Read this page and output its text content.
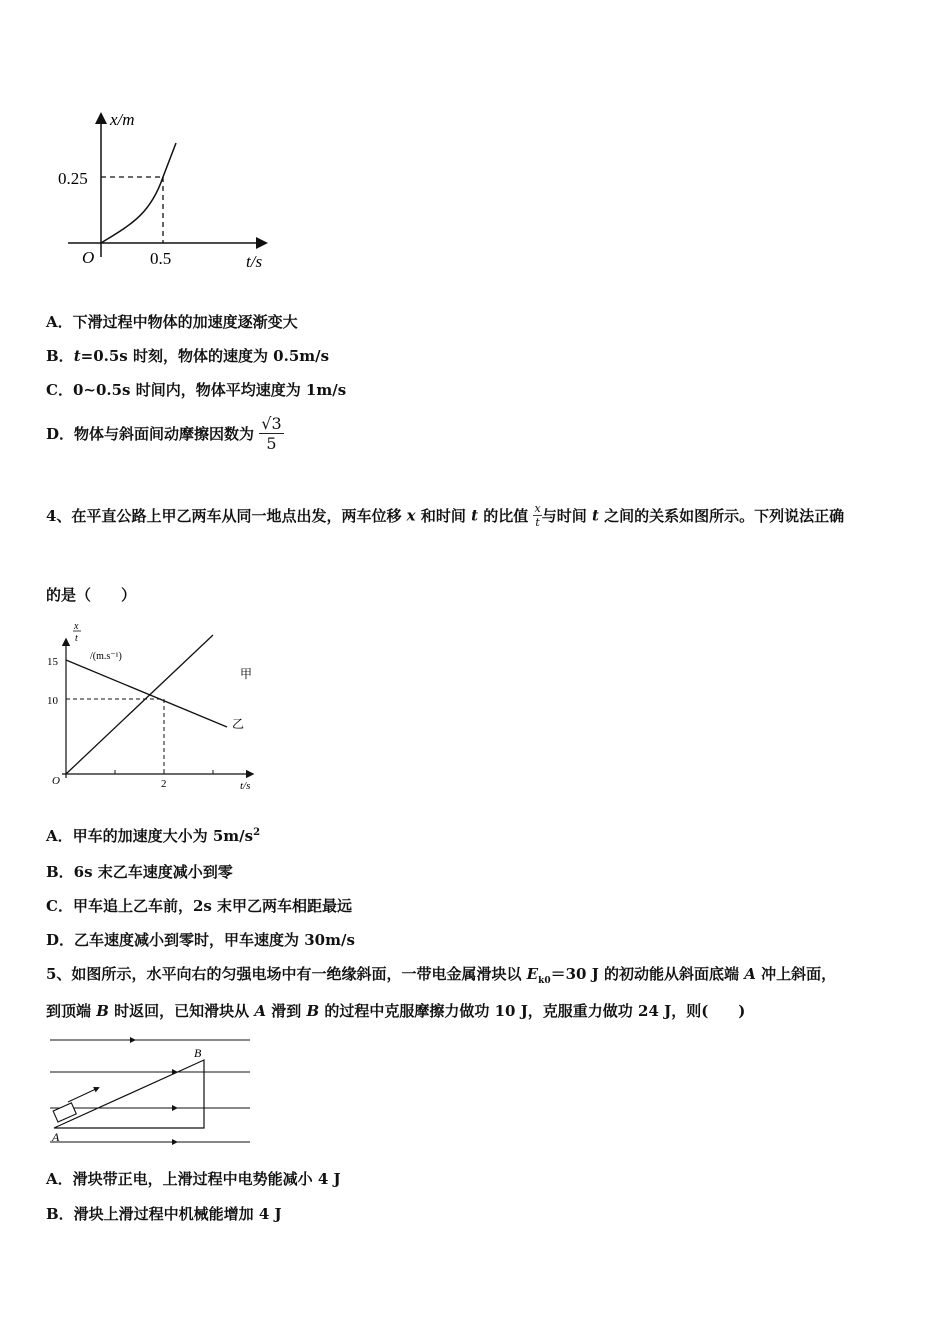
x/m
0.25
O	0.5	t/s
A．下滑过程中物体的加速度逐渐变大
B．t=0.5s 时刻，物体的速度为 0.5m/s
C．0~0.5s 时间内，物体平均速度为 1m/s
D．物体与斜面间动摩擦因数为 $\frac{√3}{5}$
4、在平直公路上甲乙两车从同一地点出发，两车位移 x 和时间 t 的比值 $\frac{x}{t}$ 与时间 t 之间的关系如图所示。下列说法正确
的是（　　）
x
t
/(m.s⁻¹)
15
10
O	2	t/s
甲
乙
A．甲车的加速度大小为 $5m/s^2$
B．6s 末乙车速度减小到零
C．甲车追上乙车前，2s 末甲乙两车相距最远
D．乙车速度减小到零时，甲车速度为 30m/s
5、如图所示，水平向右的匀强电场中有一绝缘斜面，一带电金属滑块以 $E_{k0}=30$ J 的初动能从斜面底端 A 冲上斜面，
到顶端 B 时返回，已知滑块从 A 滑到 B 的过程中克服摩擦力做功 10 J，克服重力做功 24 J，则(　　)
A
B
A．滑块带正电，上滑过程中电势能减小 4 J
B．滑块上滑过程中机械能增加 4 J
